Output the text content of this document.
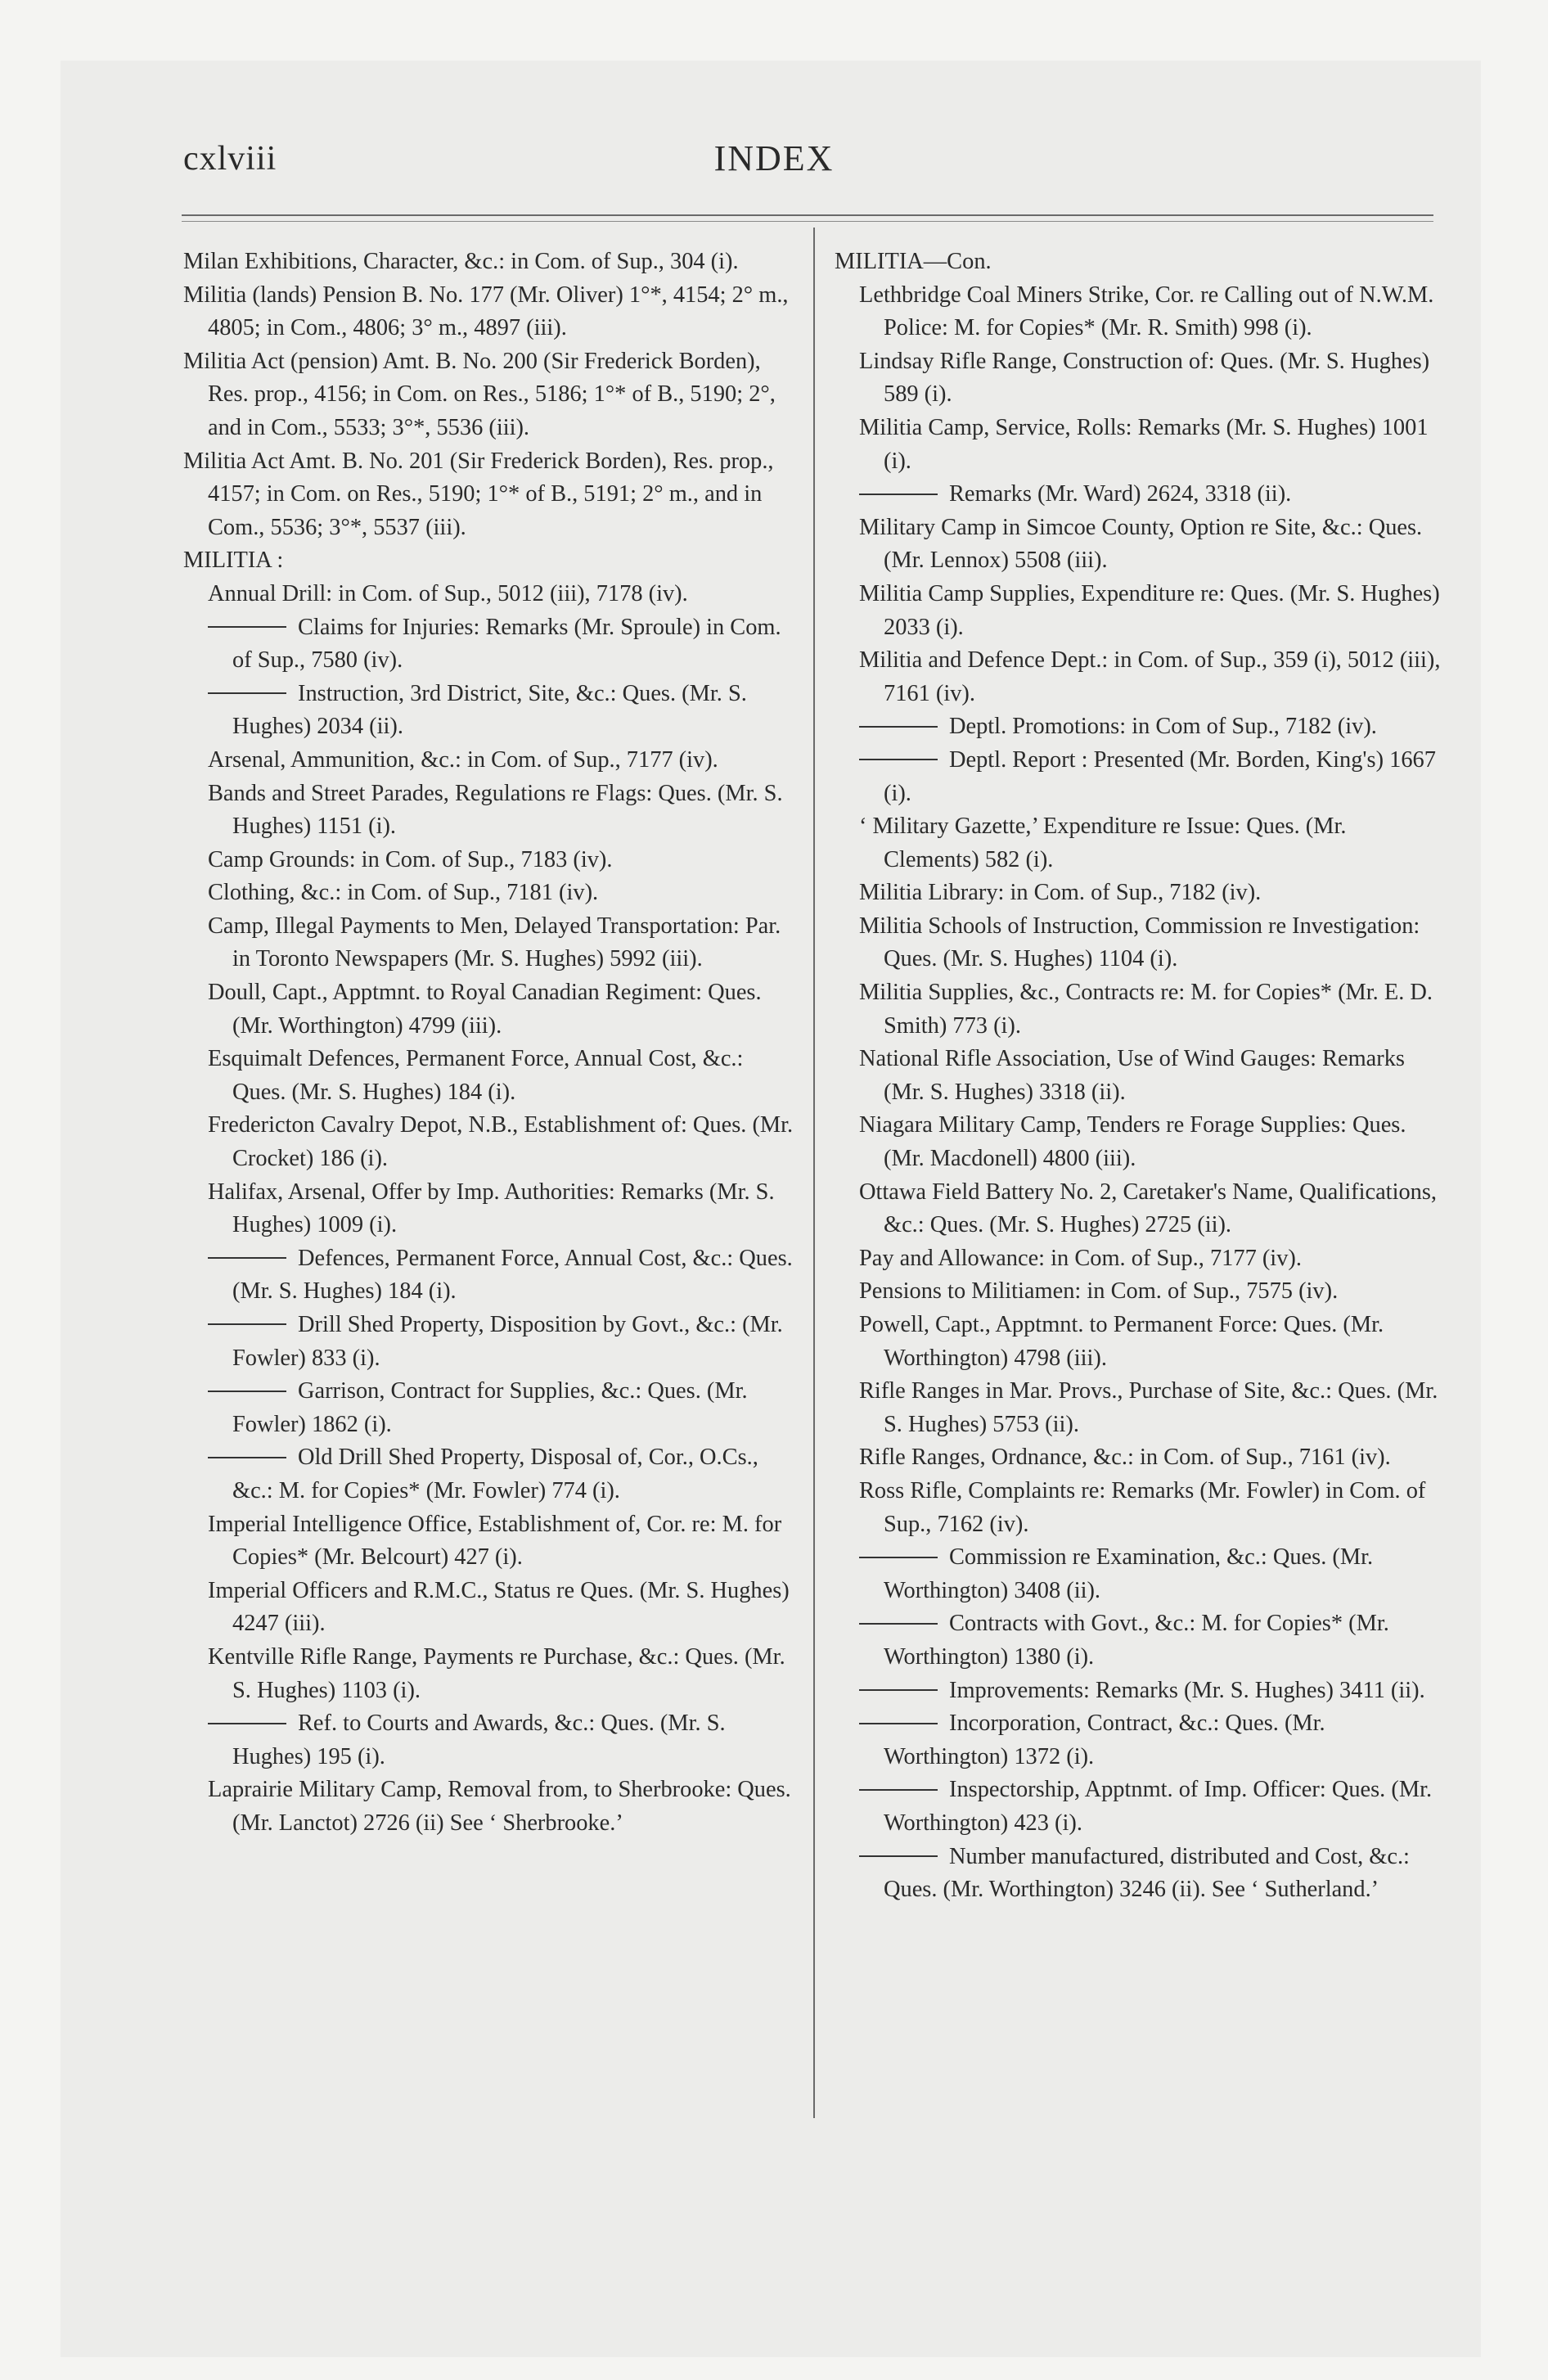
cxlviii	INDEX

Milan Exhibitions, Character, &c.: in Com. of Sup., 304 (i).

Militia (lands) Pension B. No. 177 (Mr. Oliver) 1°*, 4154; 2° m., 4805; in Com., 4806; 3° m., 4897 (iii).

Militia Act (pension) Amt. B. No. 200 (Sir Frederick Borden), Res. prop., 4156; in Com. on Res., 5186; 1°* of B., 5190; 2°, and in Com., 5533; 3°*, 5536 (iii).

Militia Act Amt. B. No. 201 (Sir Frederick Borden), Res. prop., 4157; in Com. on Res., 5190; 1°* of B., 5191; 2° m., and in Com., 5536; 3°*, 5537 (iii).

MILITIA :

Annual Drill: in Com. of Sup., 5012 (iii), 7178 (iv).

Claims for Injuries: Remarks (Mr. Sproule) in Com. of Sup., 7580 (iv).

Instruction, 3rd District, Site, &c.: Ques. (Mr. S. Hughes) 2034 (ii).

Arsenal, Ammunition, &c.: in Com. of Sup., 7177 (iv).

Bands and Street Parades, Regulations re Flags: Ques. (Mr. S. Hughes) 1151 (i).

Camp Grounds: in Com. of Sup., 7183 (iv).

Clothing, &c.: in Com. of Sup., 7181 (iv).

Camp, Illegal Payments to Men, Delayed Transportation: Par. in Toronto Newspapers (Mr. S. Hughes) 5992 (iii).

Doull, Capt., Apptmnt. to Royal Canadian Regiment: Ques. (Mr. Worthington) 4799 (iii).

Esquimalt Defences, Permanent Force, Annual Cost, &c.: Ques. (Mr. S. Hughes) 184 (i).

Fredericton Cavalry Depot, N.B., Establishment of: Ques. (Mr. Crocket) 186 (i).

Halifax, Arsenal, Offer by Imp. Authorities: Remarks (Mr. S. Hughes) 1009 (i).

Defences, Permanent Force, Annual Cost, &c.: Ques. (Mr. S. Hughes) 184 (i).

Drill Shed Property, Disposition by Govt., &c.: (Mr. Fowler) 833 (i).

Garrison, Contract for Supplies, &c.: Ques. (Mr. Fowler) 1862 (i).

Old Drill Shed Property, Disposal of, Cor., O.Cs., &c.: M. for Copies* (Mr. Fowler) 774 (i).

Imperial Intelligence Office, Establishment of, Cor. re: M. for Copies* (Mr. Belcourt) 427 (i).

Imperial Officers and R.M.C., Status re Ques. (Mr. S. Hughes) 4247 (iii).

Kentville Rifle Range, Payments re Purchase, &c.: Ques. (Mr. S. Hughes) 1103 (i).

Ref. to Courts and Awards, &c.: Ques. (Mr. S. Hughes) 195 (i).

Laprairie Military Camp, Removal from, to Sherbrooke: Ques. (Mr. Lanctot) 2726 (ii) See ‘ Sherbrooke.’

MILITIA—Con.

Lethbridge Coal Miners Strike, Cor. re Calling out of N.W.M. Police: M. for Copies* (Mr. R. Smith) 998 (i).

Lindsay Rifle Range, Construction of: Ques. (Mr. S. Hughes) 589 (i).

Militia Camp, Service, Rolls: Remarks (Mr. S. Hughes) 1001 (i).

Remarks (Mr. Ward) 2624, 3318 (ii).

Military Camp in Simcoe County, Option re Site, &c.: Ques. (Mr. Lennox) 5508 (iii).

Militia Camp Supplies, Expenditure re: Ques. (Mr. S. Hughes) 2033 (i).

Militia and Defence Dept.: in Com. of Sup., 359 (i), 5012 (iii), 7161 (iv).

Deptl. Promotions: in Com of Sup., 7182 (iv).

Deptl. Report : Presented (Mr. Borden, King's) 1667 (i).

‘ Military Gazette,’ Expenditure re Issue: Ques. (Mr. Clements) 582 (i).

Militia Library: in Com. of Sup., 7182 (iv).

Militia Schools of Instruction, Commission re Investigation: Ques. (Mr. S. Hughes) 1104 (i).

Militia Supplies, &c., Contracts re: M. for Copies* (Mr. E. D. Smith) 773 (i).

National Rifle Association, Use of Wind Gauges: Remarks (Mr. S. Hughes) 3318 (ii).

Niagara Military Camp, Tenders re Forage Supplies: Ques. (Mr. Macdonell) 4800 (iii).

Ottawa Field Battery No. 2, Caretaker's Name, Qualifications, &c.: Ques. (Mr. S. Hughes) 2725 (ii).

Pay and Allowance: in Com. of Sup., 7177 (iv).

Pensions to Militiamen: in Com. of Sup., 7575 (iv).

Powell, Capt., Apptmnt. to Permanent Force: Ques. (Mr. Worthington) 4798 (iii).

Rifle Ranges in Mar. Provs., Purchase of Site, &c.: Ques. (Mr. S. Hughes) 5753 (ii).

Rifle Ranges, Ordnance, &c.: in Com. of Sup., 7161 (iv).

Ross Rifle, Complaints re: Remarks (Mr. Fowler) in Com. of Sup., 7162 (iv).

Commission re Examination, &c.: Ques. (Mr. Worthington) 3408 (ii).

Contracts with Govt., &c.: M. for Copies* (Mr. Worthington) 1380 (i).

Improvements: Remarks (Mr. S. Hughes) 3411 (ii).

Incorporation, Contract, &c.: Ques. (Mr. Worthington) 1372 (i).

Inspectorship, Apptnmt. of Imp. Officer: Ques. (Mr. Worthington) 423 (i).

Number manufactured, distributed and Cost, &c.: Ques. (Mr. Worthington) 3246 (ii). See ‘ Sutherland.’
